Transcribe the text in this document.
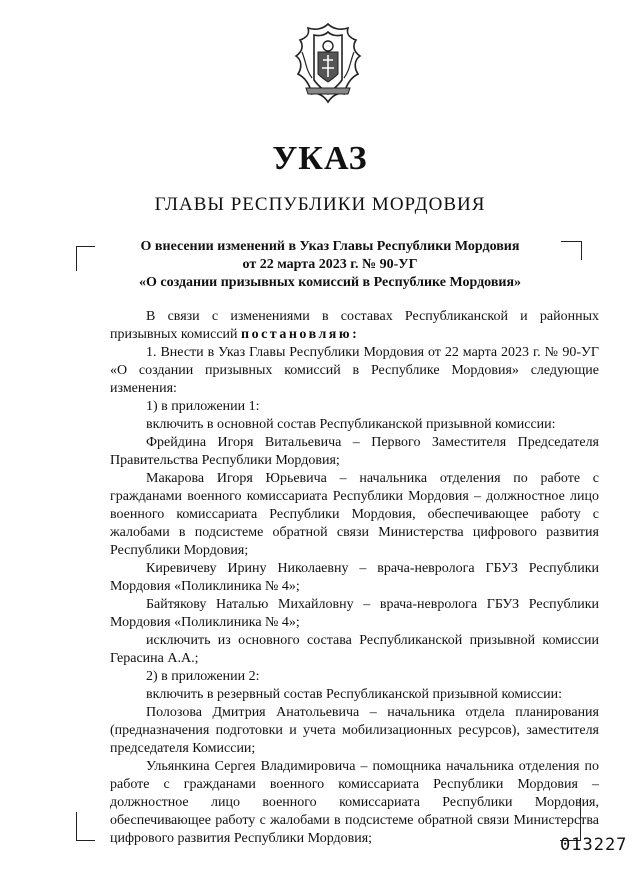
УКАЗ
ГЛАВЫ РЕСПУБЛИКИ МОРДОВИЯ
О внесении изменений в Указ Главы Республики Мордовия
от 22 марта 2023 г. № 90-УГ
«О создании призывных комиссий в Республике Мордовия»

В связи с изменениями в составах Республиканской и районных призывных комиссий постановляю:

1. Внести в Указ Главы Республики Мордовия от 22 марта 2023 г. № 90-УГ «О создании призывных комиссий в Республике Мордовия» следующие изменения:

1) в приложении 1:

включить в основной состав Республиканской призывной комиссии:

Фрейдина Игоря Витальевича – Первого Заместителя Председателя Правительства Республики Мордовия;

Макарова Игоря Юрьевича – начальника отделения по работе с гражданами военного комиссариата Республики Мордовия – должностное лицо военного комиссариата Республики Мордовия, обеспечивающее работу с жалобами в подсистеме обратной связи Министерства цифрового развития Республики Мордовия;

Киревичеву Ирину Николаевну – врача-невролога ГБУЗ Республики Мордовия «Поликлиника № 4»;

Байтякову Наталью Михайловну – врача-невролога ГБУЗ Республики Мордовия «Поликлиника № 4»;

исключить из основного состава Республиканской призывной комиссии Герасина А.А.;

2) в приложении 2:

включить в резервный состав Республиканской призывной комиссии:

Полозова Дмитрия Анатольевича – начальника отдела планирования (предназначения подготовки и учета мобилизационных ресурсов), заместителя председателя Комиссии;

Ульянкина Сергея Владимировича – помощника начальника отделения по работе с гражданами военного комиссариата Республики Мордовия – должностное лицо военного комиссариата Республики Мордовия, обеспечивающее работу с жалобами в подсистеме обратной связи Министерства цифрового развития Республики Мордовия;	013227
